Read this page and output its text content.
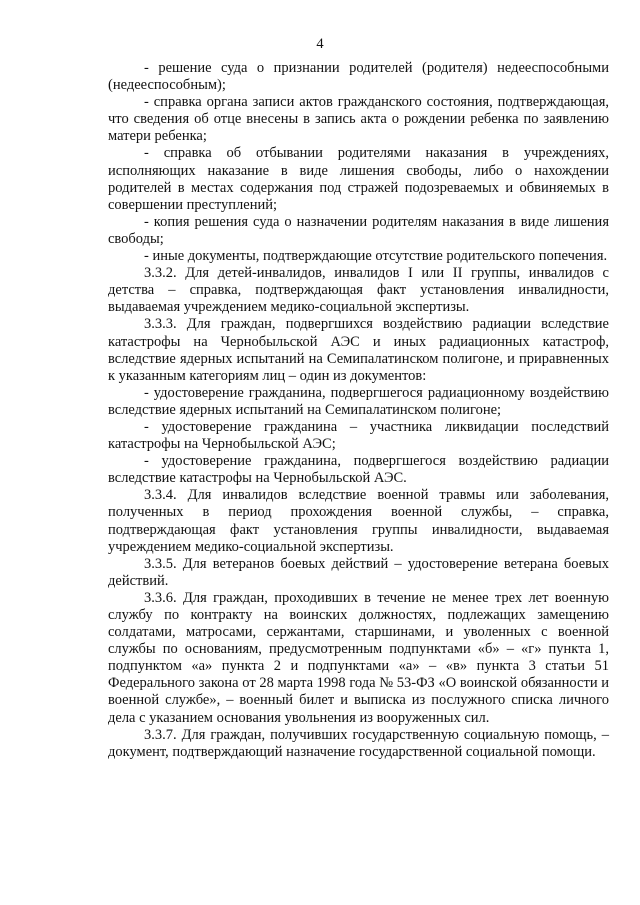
4

- решение суда о признании родителей (родителя) недееспособными (недееспособным);

- справка органа записи актов гражданского состояния, подтверждающая, что сведения об отце внесены в запись акта о рождении ребенка по заявлению матери ребенка;

- справка об отбывании родителями наказания в учреждениях, исполняющих наказание в виде лишения свободы, либо о нахождении родителей в местах содержания под стражей подозреваемых и обвиняемых в совершении преступлений;

- копия решения суда о назначении родителям наказания в виде лишения свободы;

- иные документы, подтверждающие отсутствие родительского попечения.

3.3.2. Для детей-инвалидов, инвалидов I или II группы, инвалидов с детства – справка, подтверждающая факт установления инвалидности, выдаваемая учреждением медико-социальной экспертизы.

3.3.3. Для граждан, подвергшихся воздействию радиации вследствие катастрофы на Чернобыльской АЭС и иных радиационных катастроф, вследствие ядерных испытаний на Семипалатинском полигоне, и приравненных к указанным категориям лиц – один из документов:

- удостоверение гражданина, подвергшегося радиационному воздействию вследствие ядерных испытаний на Семипалатинском полигоне;

- удостоверение гражданина – участника ликвидации последствий катастрофы на Чернобыльской АЭС;

- удостоверение гражданина, подвергшегося воздействию радиации вследствие катастрофы на Чернобыльской АЭС.

3.3.4. Для инвалидов вследствие военной травмы или заболевания, полученных в период прохождения военной службы, – справка, подтверждающая факт установления группы инвалидности, выдаваемая учреждением медико-социальной экспертизы.

3.3.5. Для ветеранов боевых действий – удостоверение ветерана боевых действий.

3.3.6. Для граждан, проходивших в течение не менее трех лет военную службу по контракту на воинских должностях, подлежащих замещению солдатами, матросами, сержантами, старшинами, и уволенных с военной службы по основаниям, предусмотренным подпунктами «б» – «г» пункта 1, подпунктом «а» пункта 2 и подпунктами «а» – «в» пункта 3 статьи 51 Федерального закона от 28 марта 1998 года № 53-ФЗ «О воинской обязанности и военной службе», – военный билет и выписка из послужного списка личного дела с указанием основания увольнения из вооруженных сил.

3.3.7. Для граждан, получивших государственную социальную помощь, – документ, подтверждающий назначение государственной социальной помощи.
